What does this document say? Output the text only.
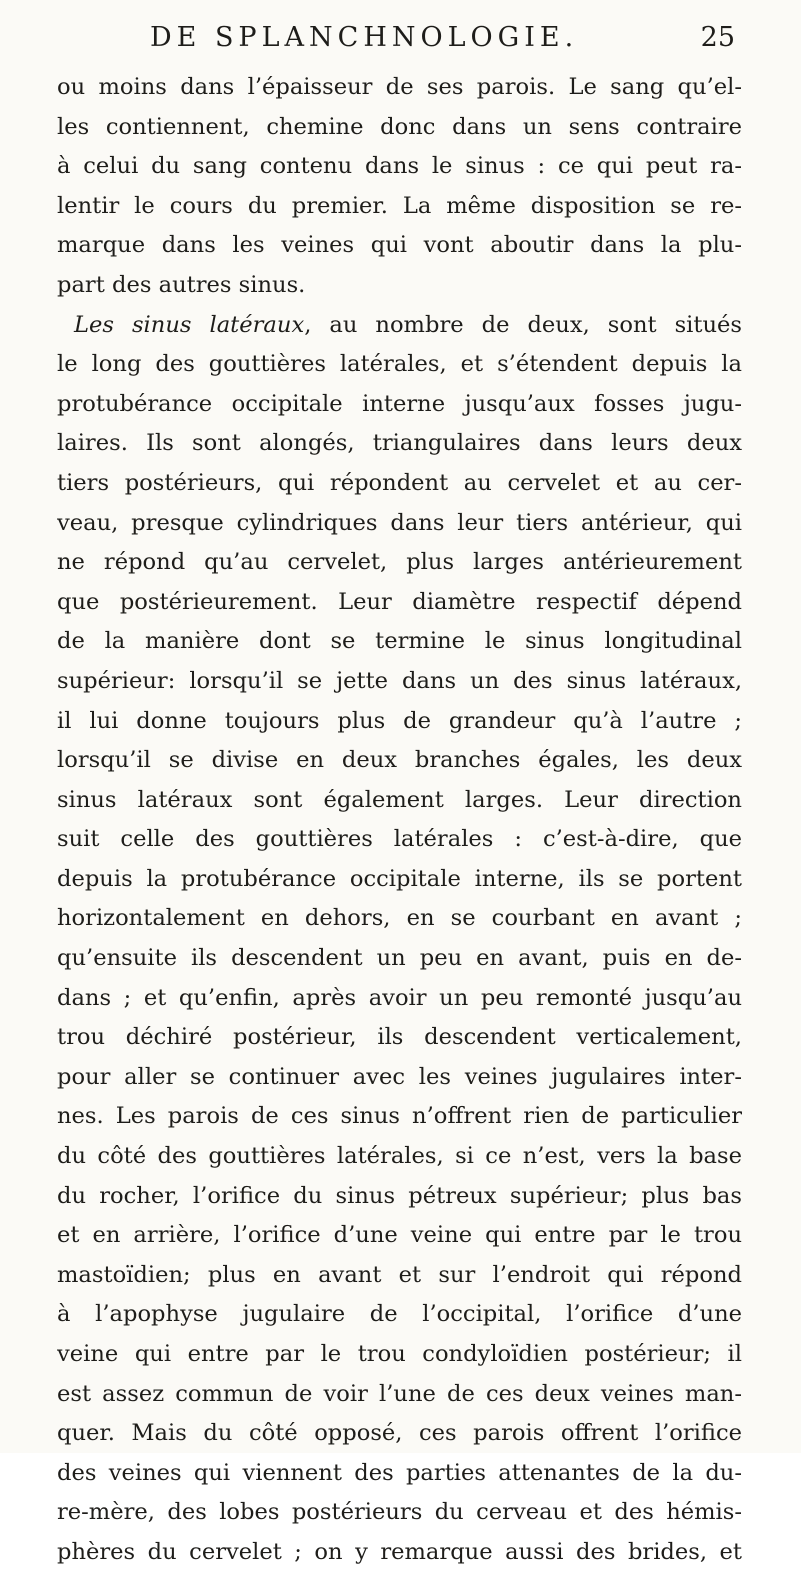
DE SPLANCHNOLOGIE.	25
ou moins dans l’épaisseur de ses parois. Le sang qu’el-
les contiennent, chemine donc dans un sens contraire
à celui du sang contenu dans le sinus : ce qui peut ra-
lentir le cours du premier. La même disposition se re-
marque dans les veines qui vont aboutir dans la plu-
part des autres sinus.
Les sinus latéraux, au nombre de deux, sont situés
le long des gouttières latérales, et s’étendent depuis la
protubérance occipitale interne jusqu’aux fosses jugu-
laires. Ils sont alongés, triangulaires dans leurs deux
tiers postérieurs, qui répondent au cervelet et au cer-
veau, presque cylindriques dans leur tiers antérieur, qui
ne répond qu’au cervelet, plus larges antérieurement
que postérieurement. Leur diamètre respectif dépend
de la manière dont se termine le sinus longitudinal
supérieur: lorsqu’il se jette dans un des sinus latéraux,
il lui donne toujours plus de grandeur qu’à l’autre ;
lorsqu’il se divise en deux branches égales, les deux
sinus latéraux sont également larges. Leur direction
suit celle des gouttières latérales : c’est-à-dire, que
depuis la protubérance occipitale interne, ils se portent
horizontalement en dehors, en se courbant en avant ;
qu’ensuite ils descendent un peu en avant, puis en de-
dans ; et qu’enfin, après avoir un peu remonté jusqu’au
trou déchiré postérieur, ils descendent verticalement,
pour aller se continuer avec les veines jugulaires inter-
nes. Les parois de ces sinus n’offrent rien de particulier
du côté des gouttières latérales, si ce n’est, vers la base
du rocher, l’orifice du sinus pétreux supérieur; plus bas
et en arrière, l’orifice d’une veine qui entre par le trou
mastoïdien; plus en avant et sur l’endroit qui répond
à l’apophyse jugulaire de l’occipital, l’orifice d’une
veine qui entre par le trou condyloïdien postérieur; il
est assez commun de voir l’une de ces deux veines man-
quer. Mais du côté opposé, ces parois offrent l’orifice
des veines qui viennent des parties attenantes de la du-
re-mère, des lobes postérieurs du cerveau et des hémis-
phères du cervelet ; on y remarque aussi des brides, et
